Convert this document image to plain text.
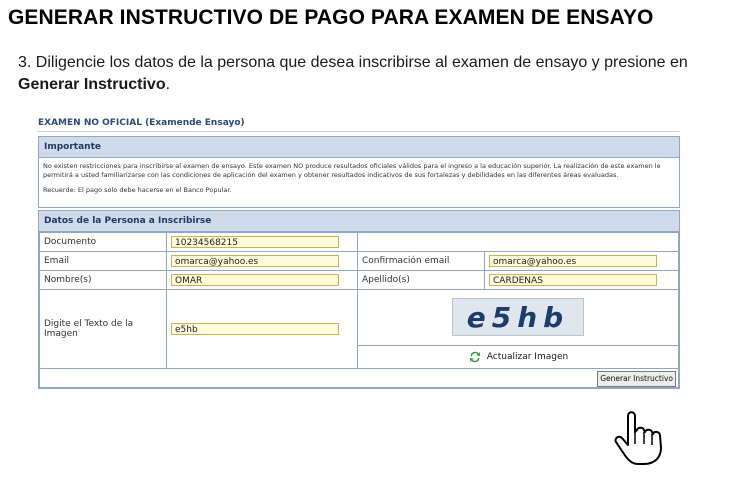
GENERAR INSTRUCTIVO DE PAGO PARA EXAMEN DE ENSAYO
3. Diligencie los datos de la persona que desea inscribirse al examen de ensayo y presione en Generar Instructivo.
EXAMEN NO OFICIAL (Examende Ensayo)
Importante

No existen restricciones para inscribirse al examen de ensayo. Este examen NO produce resultados oficiales válidos para el ingreso a la educación superior. La realización de este examen le permitirá a usted familiarizarse con las condiciones de aplicación del examen y obtener resultados indicativos de sus fortalezas y debilidades en las diferentes áreas evaluadas.

Recuerde: El pago solo debe hacerse en el Banco Popular.

Datos de la Persona a Inscribirse
Documento	10234568215		

Email	omarca@yahoo.es	Confirmación email	omarca@yahoo.es

Nombre(s)	OMAR	Apellido(s)	CARDENAS

Digite el Texto de la Imagen	e5hb	e5hb	

		Actualizar Imagen	

Generar Instructivo			
